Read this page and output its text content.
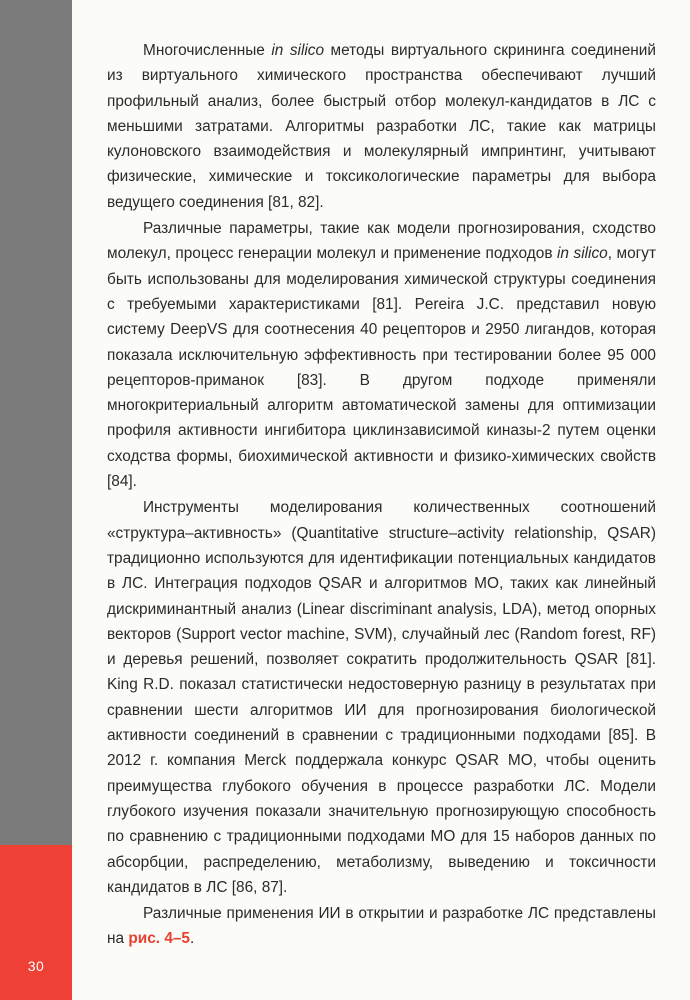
30

Многочисленные in silico методы виртуального скрининга соединений из виртуального химического пространства обеспечивают лучший профильный анализ, более быстрый отбор молекул-кандидатов в ЛС с меньшими затратами. Алгоритмы разработки ЛС, такие как матрицы кулоновского взаимодействия и молекулярный импринтинг, учитывают физические, химические и токсикологические параметры для выбора ведущего соединения [81, 82].

Различные параметры, такие как модели прогнозирования, сходство молекул, процесс генерации молекул и применение подходов in silico, могут быть использованы для моделирования химической структуры соединения с требуемыми характеристиками [81]. Pereira J.C. представил новую систему DeepVS для соотнесения 40 рецепторов и 2950 лигандов, которая показала исключительную эффективность при тестировании более 95 000 рецепторов-приманок [83]. В другом подходе применяли многокритериальный алгоритм автоматической замены для оптимизации профиля активности ингибитора циклинзависимой киназы-2 путем оценки сходства формы, биохимической активности и физико-химических свойств [84].

Инструменты моделирования количественных соотношений «структура–активность» (Quantitative structure–activity relationship, QSAR) традиционно используются для идентификации потенциальных кандидатов в ЛС. Интеграция подходов QSAR и алгоритмов МО, таких как линейный дискриминантный анализ (Linear discriminant analysis, LDA), метод опорных векторов (Support vector machine, SVM), случайный лес (Random forest, RF) и деревья решений, позволяет сократить продолжительность QSAR [81]. King R.D. показал статистически недостоверную разницу в результатах при сравнении шести алгоритмов ИИ для прогнозирования биологической активности соединений в сравнении с традиционными подходами [85]. В 2012 г. компания Merck поддержала конкурс QSAR МО, чтобы оценить преимущества глубокого обучения в процессе разработки ЛС. Модели глубокого изучения показали значительную прогнозирующую способность по сравнению с традиционными подходами МО для 15 наборов данных по абсорбции, распределению, метаболизму, выведению и токсичности кандидатов в ЛС [86, 87].

Различные применения ИИ в открытии и разработке ЛС представлены на рис. 4–5.
